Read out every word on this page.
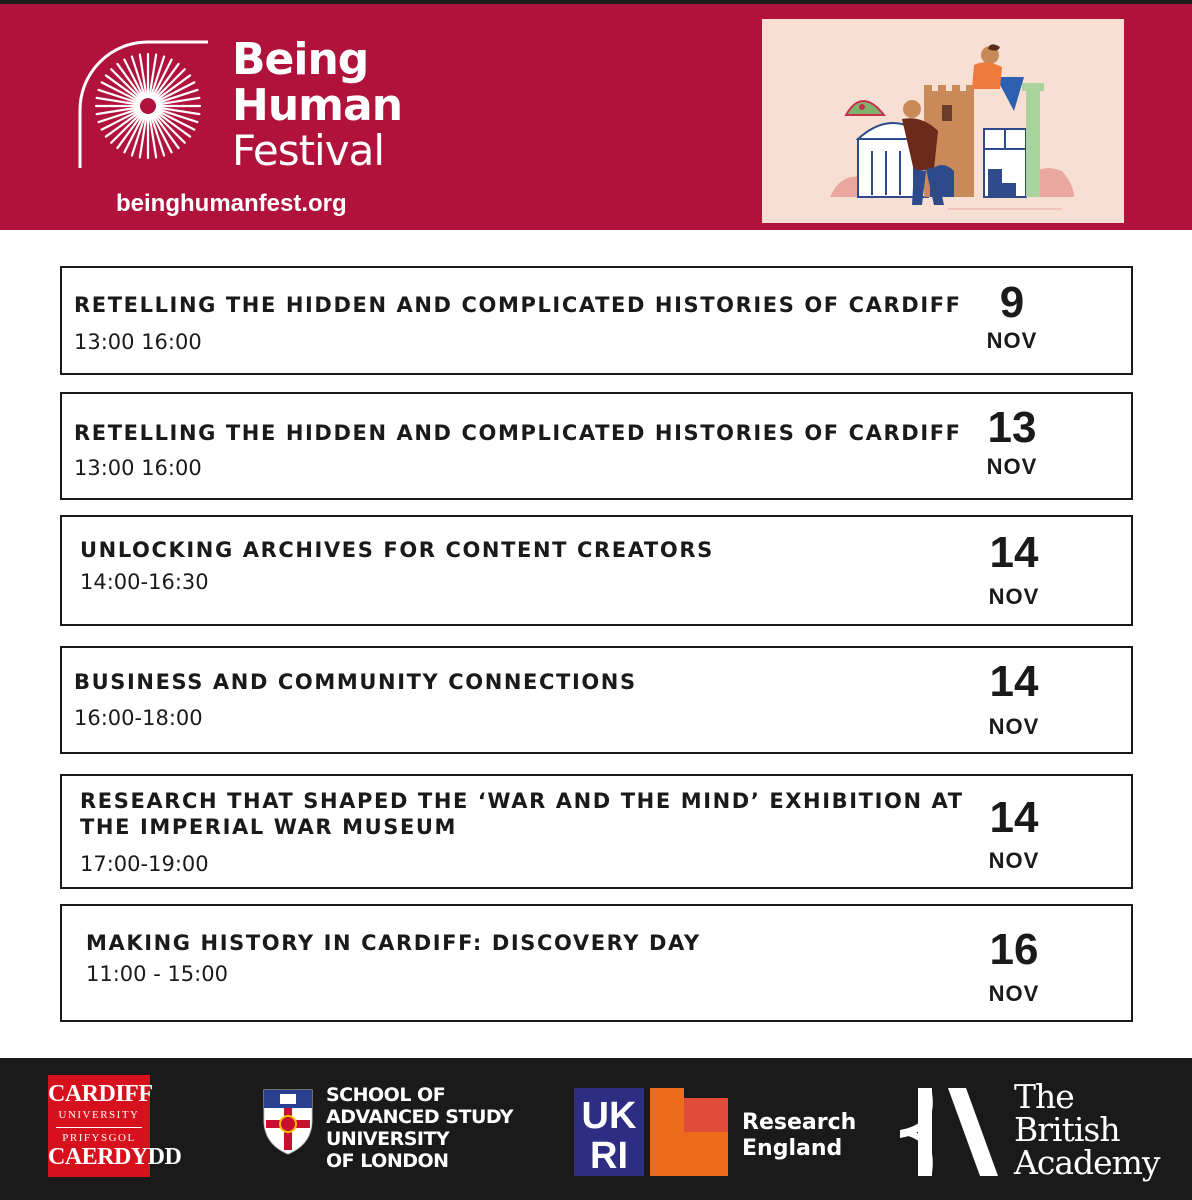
Being
Human
Festival
beinghumanfest.org
RETELLING THE HIDDEN AND COMPLICATED HISTORIES OF CARDIFF
13:00 16:00
9
NOV
RETELLING THE HIDDEN AND COMPLICATED HISTORIES OF CARDIFF
13:00 16:00
13
NOV
UNLOCKING ARCHIVES FOR CONTENT CREATORS
14:00-16:30
14
NOV
BUSINESS AND COMMUNITY CONNECTIONS
16:00-18:00
14
NOV
RESEARCH THAT SHAPED THE ‘WAR AND THE MIND’ EXHIBITION AT
THE IMPERIAL WAR MUSEUM
17:00-19:00
14
NOV
MAKING HISTORY IN CARDIFF: DISCOVERY DAY
11:00 - 15:00	16
NOV
CARDIFF
UNIVERSITY
PRIFYSGOL
CAERDYDD
SCHOOL OF
ADVANCED STUDY
UNIVERSITY
OF LONDON
UK
RI
Research
England
The
British
Academy
